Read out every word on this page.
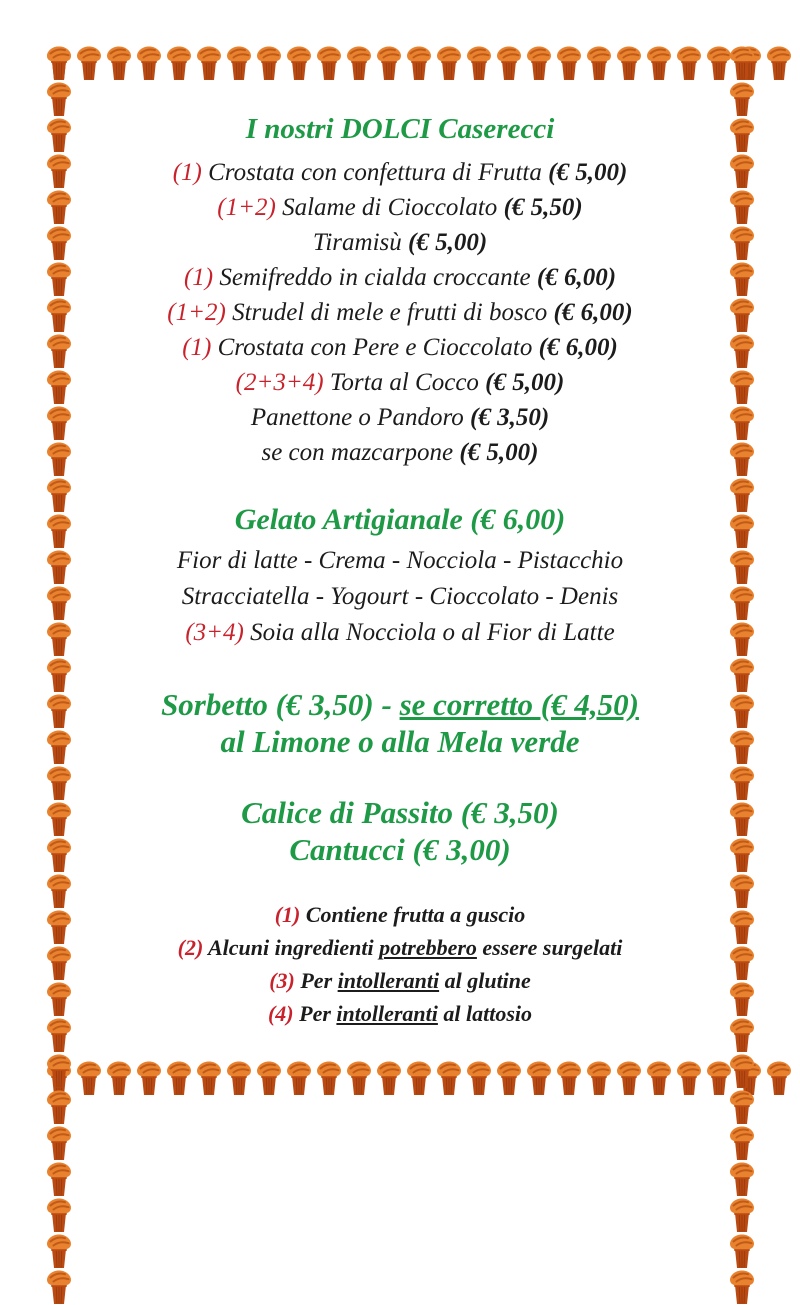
I nostri DOLCI Caserecci
(1) Crostata con confettura di Frutta (€ 5,00)
(1+2) Salame di Cioccolato (€ 5,50)
Tiramisù (€ 5,00)
(1) Semifreddo in cialda croccante (€ 6,00)
(1+2) Strudel di mele e frutti di bosco (€ 6,00)
(1) Crostata con Pere e Cioccolato (€ 6,00)
(2+3+4) Torta al Cocco (€ 5,00)
Panettone o Pandoro (€ 3,50)
se con mazcarpone (€ 5,00)
Gelato Artigianale (€ 6,00)
Fior di latte - Crema - Nocciola - Pistacchio
Stracciatella - Yogourt - Cioccolato - Denis
(3+4) Soia alla Nocciola o al Fior di Latte
Sorbetto (€ 3,50) - se corretto (€ 4,50)
al Limone o alla Mela verde
Calice di Passito (€ 3,50)
Cantucci (€ 3,00)
(1) Contiene frutta a guscio
(2) Alcuni ingredienti potrebbero essere surgelati
(3) Per intolleranti al glutine
(4) Per intolleranti al lattosio
